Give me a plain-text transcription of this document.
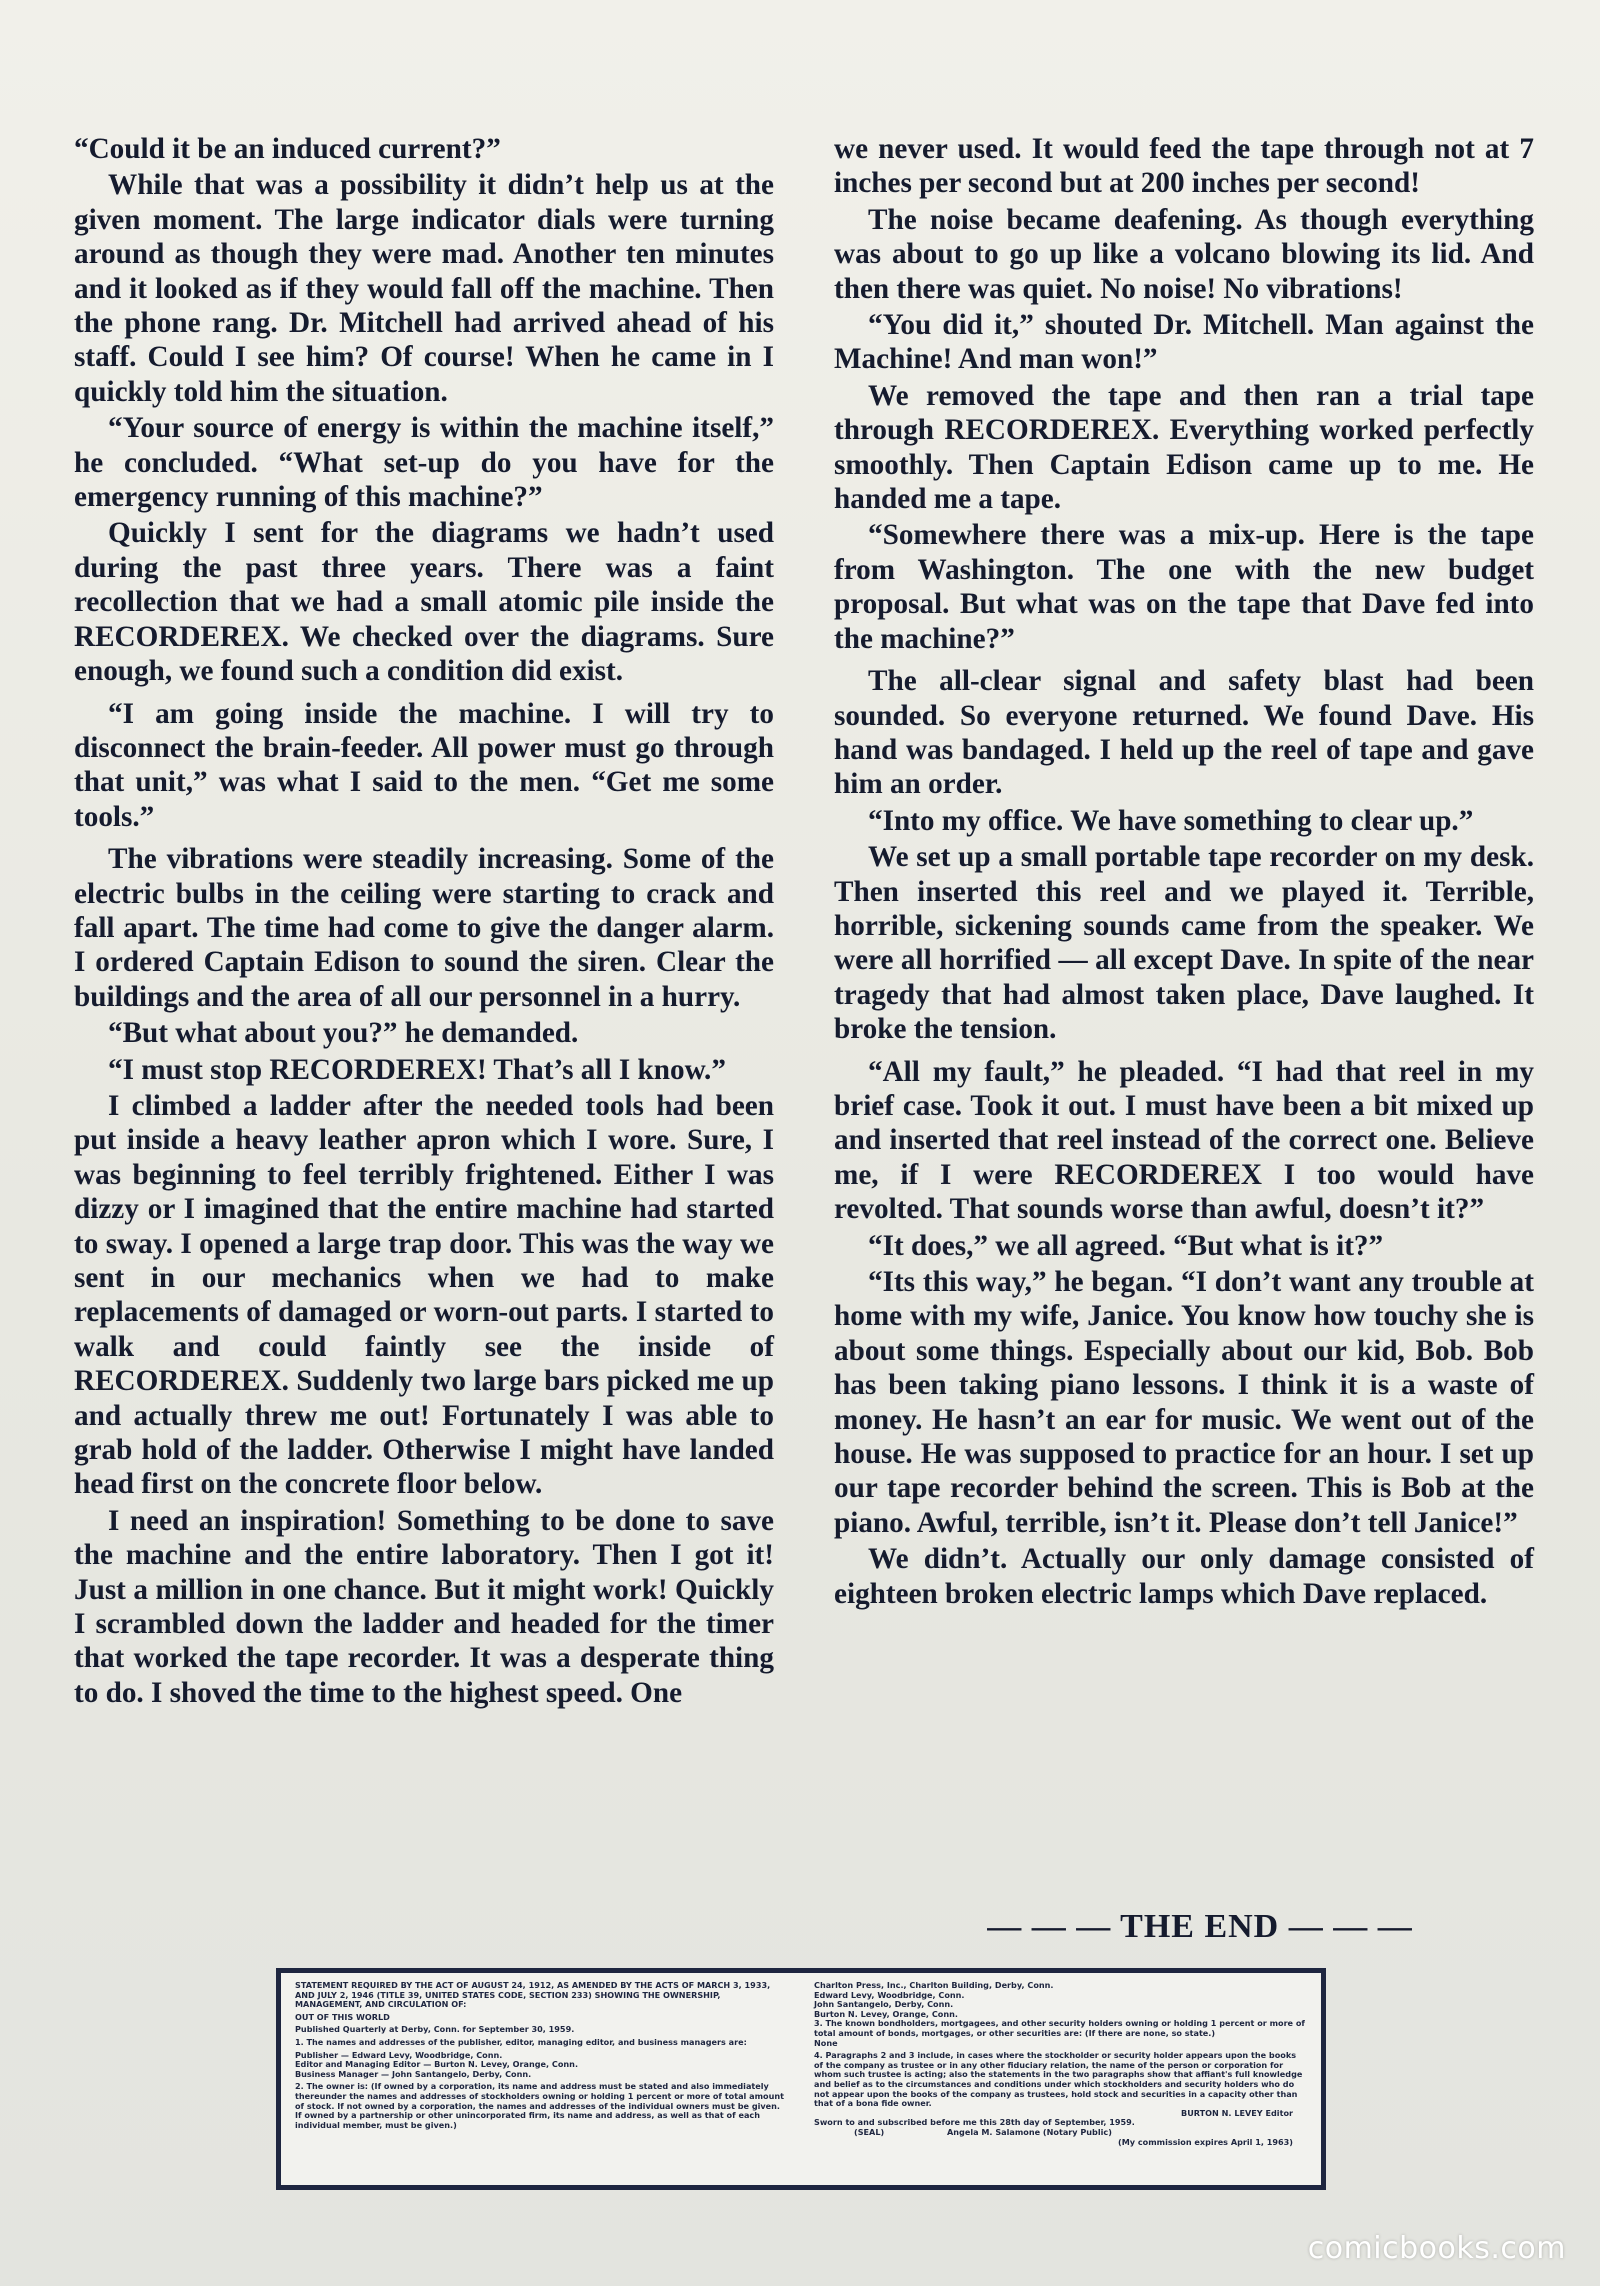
“Could it be an induced current?”

While that was a possibility it didn’t help us at the given moment. The large indicator dials were turning around as though they were mad. Another ten minutes and it looked as if they would fall off the machine. Then the phone rang. Dr. Mitchell had arrived ahead of his staff. Could I see him? Of course! When he came in I quickly told him the situation.

“Your source of energy is within the machine itself,” he concluded. “What set-up do you have for the emergency running of this machine?”

Quickly I sent for the diagrams we hadn’t used during the past three years. There was a faint recollection that we had a small atomic pile inside the RECORDEREX. We checked over the diagrams. Sure enough, we found such a condition did exist.

“I am going inside the machine. I will try to disconnect the brain-feeder. All power must go through that unit,” was what I said to the men. “Get me some tools.”

The vibrations were steadily increasing. Some of the electric bulbs in the ceiling were starting to crack and fall apart. The time had come to give the danger alarm. I ordered Captain Edison to sound the siren. Clear the buildings and the area of all our personnel in a hurry.

“But what about you?” he demanded.

“I must stop RECORDEREX! That’s all I know.”

I climbed a ladder after the needed tools had been put inside a heavy leather apron which I wore. Sure, I was beginning to feel terribly frightened. Either I was dizzy or I imagined that the entire machine had started to sway. I opened a large trap door. This was the way we sent in our mechanics when we had to make replacements of damaged or worn-out parts. I started to walk and could faintly see the inside of RECORDEREX. Suddenly two large bars picked me up and actually threw me out! Fortunately I was able to grab hold of the ladder. Otherwise I might have landed head first on the concrete floor below.

I need an inspiration! Something to be done to save the machine and the entire laboratory. Then I got it! Just a million in one chance. But it might work! Quickly I scrambled down the ladder and headed for the timer that worked the tape recorder. It was a desperate thing to do. I shoved the time to the highest speed. One

we never used. It would feed the tape through not at 7 inches per second but at 200 inches per second!

The noise became deafening. As though everything was about to go up like a volcano blowing its lid. And then there was quiet. No noise! No vibrations!

“You did it,” shouted Dr. Mitchell. Man against the Machine! And man won!”

We removed the tape and then ran a trial tape through RECORDEREX. Everything worked perfectly smoothly. Then Captain Edison came up to me. He handed me a tape.

“Somewhere there was a mix-up. Here is the tape from Washington. The one with the new budget proposal. But what was on the tape that Dave fed into the machine?”

The all-clear signal and safety blast had been sounded. So everyone returned. We found Dave. His hand was bandaged. I held up the reel of tape and gave him an order.

“Into my office. We have something to clear up.”

We set up a small portable tape recorder on my desk. Then inserted this reel and we played it. Terrible, horrible, sickening sounds came from the speaker. We were all horrified — all except Dave. In spite of the near tragedy that had almost taken place, Dave laughed. It broke the tension.

“All my fault,” he pleaded. “I had that reel in my brief case. Took it out. I must have been a bit mixed up and inserted that reel instead of the correct one. Believe me, if I were RECORDEREX I too would have revolted. That sounds worse than awful, doesn’t it?”

“It does,” we all agreed. “But what is it?”

“Its this way,” he began. “I don’t want any trouble at home with my wife, Janice. You know how touchy she is about some things. Especially about our kid, Bob. Bob has been taking piano lessons. I think it is a waste of money. He hasn’t an ear for music. We went out of the house. He was supposed to practice for an hour. I set up our tape recorder behind the screen. This is Bob at the piano. Awful, terrible, isn’t it. Please don’t tell Janice!”

We didn’t. Actually our only damage consisted of eighteen broken electric lamps which Dave replaced.

— — — THE END — — —

STATEMENT REQUIRED BY THE ACT OF AUGUST 24, 1912, AS AMENDED BY THE ACTS OF MARCH 3, 1933, AND JULY 2, 1946 (TITLE 39, UNITED STATES CODE, SECTION 233) SHOWING THE OWNERSHIP, MANAGEMENT, AND CIRCULATION OF:

OUT OF THIS WORLD

Published Quarterly at Derby, Conn. for September 30, 1959.

1. The names and addresses of the publisher, editor, managing editor, and business managers are:

Publisher — Edward Levy, Woodbridge, Conn.

Editor and Managing Editor — Burton N. Levey, Orange, Conn.

Business Manager — John Santangelo, Derby, Conn.

2. The owner is: (If owned by a corporation, its name and address must be stated and also immediately thereunder the names and addresses of stockholders owning or holding 1 percent or more of total amount of stock. If not owned by a corporation, the names and addresses of the individual owners must be given. If owned by a partnership or other unincorporated firm, its name and address, as well as that of each individual member, must be given.)

Charlton Press, Inc., Charlton Building, Derby, Conn.

Edward Levy, Woodbridge, Conn.

John Santangelo, Derby, Conn.

Burton N. Levey, Orange, Conn.

3. The known bondholders, mortgagees, and other security holders owning or holding 1 percent or more of total amount of bonds, mortgages, or other securities are: (If there are none, so state.)

None

4. Paragraphs 2 and 3 include, in cases where the stockholder or security holder appears upon the books of the company as trustee or in any other fiduciary relation, the name of the person or corporation for whom such trustee is acting; also the statements in the two paragraphs show that affiant's full knowledge and belief as to the circumstances and conditions under which stockholders and security holders who do not appear upon the books of the company as trustees, hold stock and securities in a capacity other than that of a bona fide owner.

BURTON N. LEVEY Editor

Sworn to and subscribed before me this 28th day of September, 1959.

(SEAL)	Angela M. Salamone (Notary Public)

(My commission expires April 1, 1963)

comicbooks.com
